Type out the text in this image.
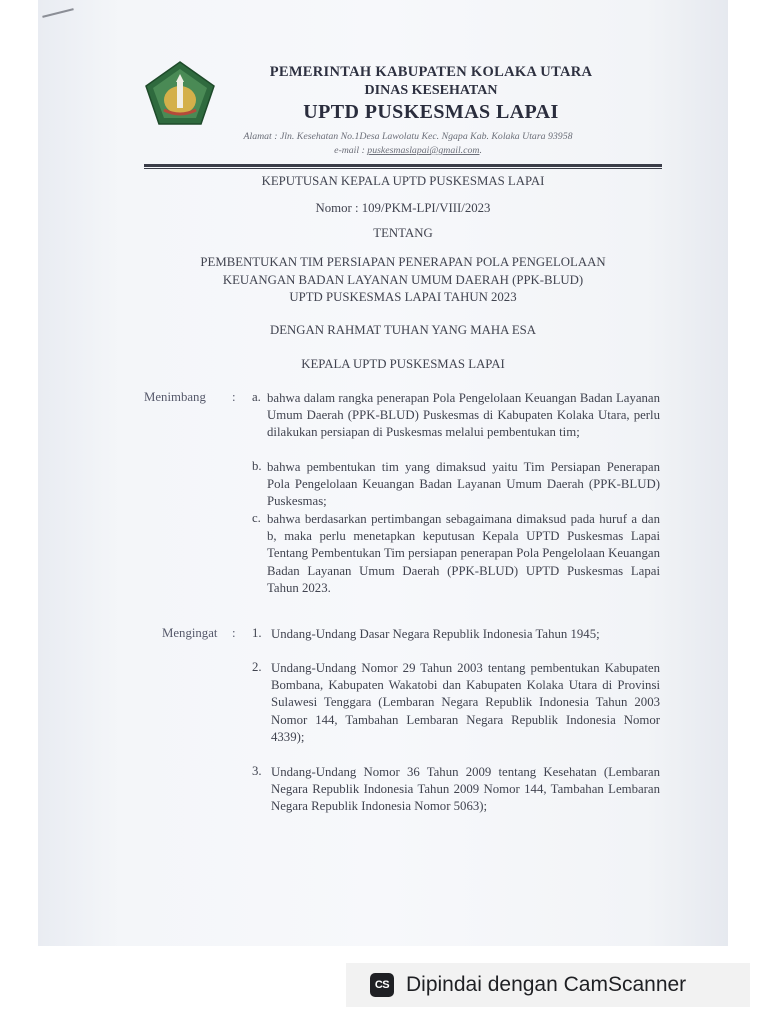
PEMERINTAH KABUPATEN KOLAKA UTARA
DINAS KESEHATAN
UPTD PUSKESMAS LAPAI
Alamat : Jln. Kesehatan No.1Desa Lawolatu Kec. Ngapa Kab. Kolaka Utara 93958
e-mail : puskesmaslapai@gmail.com.
KEPUTUSAN KEPALA UPTD PUSKESMAS LAPAI
Nomor : 109/PKM-LPI/VIII/2023
TENTANG
PEMBENTUKAN TIM PERSIAPAN PENERAPAN POLA PENGELOLAAN
KEUANGAN BADAN LAYANAN UMUM DAERAH (PPK-BLUD)
UPTD PUSKESMAS LAPAI TAHUN 2023
DENGAN RAHMAT TUHAN YANG MAHA ESA
KEPALA UPTD PUSKESMAS LAPAI
Menimbang : a. bahwa dalam rangka penerapan Pola Pengelolaan Keuangan Badan Layanan Umum Daerah (PPK-BLUD) Puskesmas di Kabupaten Kolaka Utara, perlu dilakukan persiapan di Puskesmas melalui pembentukan tim;
b. bahwa pembentukan tim yang dimaksud yaitu Tim Persiapan Penerapan Pola Pengelolaan Keuangan Badan Layanan Umum Daerah (PPK-BLUD) Puskesmas;
c. bahwa berdasarkan pertimbangan sebagaimana dimaksud pada huruf a dan b, maka perlu menetapkan keputusan Kepala UPTD Puskesmas Lapai Tentang Pembentukan Tim persiapan penerapan Pola Pengelolaan Keuangan Badan Layanan Umum Daerah (PPK-BLUD) UPTD Puskesmas Lapai Tahun 2023.
Mengingat : 1. Undang-Undang Dasar Negara Republik Indonesia Tahun 1945;
2. Undang-Undang Nomor 29 Tahun 2003 tentang pembentukan Kabupaten Bombana, Kabupaten Wakatobi dan Kabupaten Kolaka Utara di Provinsi Sulawesi Tenggara (Lembaran Negara Republik Indonesia Tahun 2003 Nomor 144, Tambahan Lembaran Negara Republik Indonesia Nomor 4339);
3. Undang-Undang Nomor 36 Tahun 2009 tentang Kesehatan (Lembaran Negara Republik Indonesia Tahun 2009 Nomor 144, Tambahan Lembaran Negara Republik Indonesia Nomor 5063);
CS Dipindai dengan CamScanner
